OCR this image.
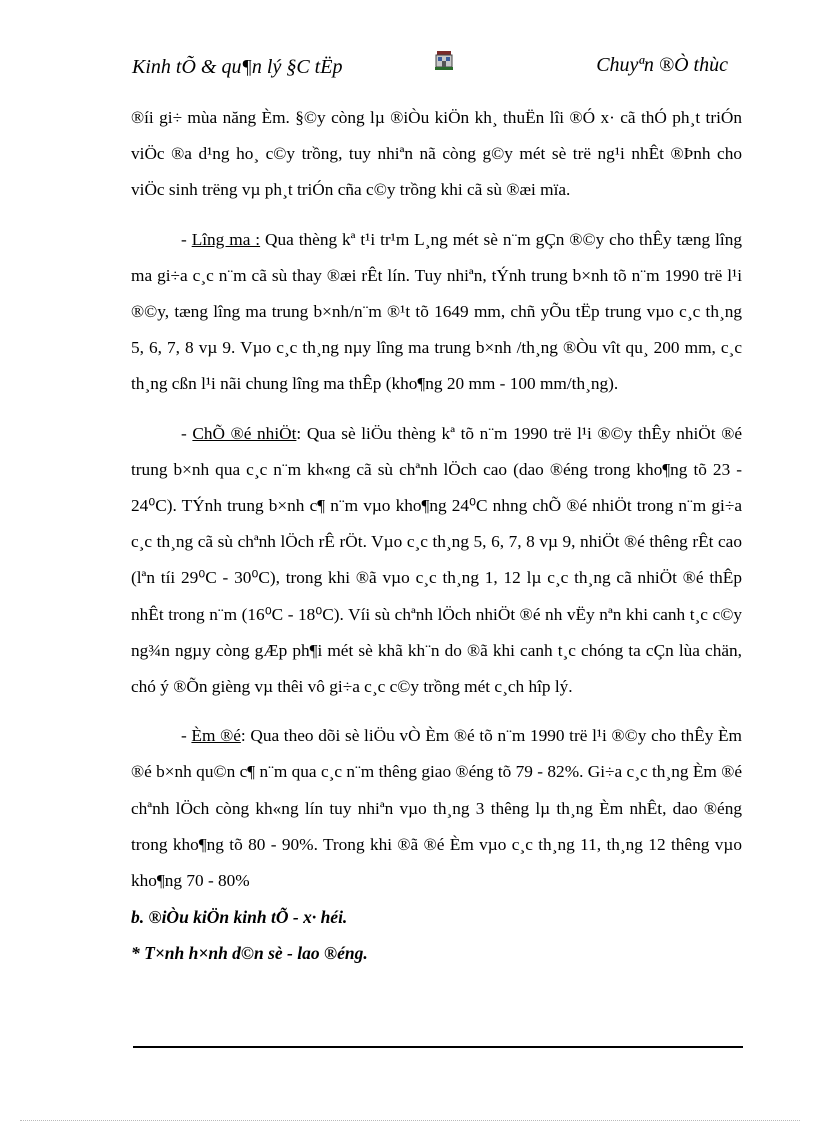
Kinh tÕ & qu¶n lý §C tËp	Chuyªn ®Ò thùc

®íi gi÷ mùa năng Èm. §©y còng lµ ®iÒu kiÖn kh¸ thuËn lîi ®Ó x· cã thÓ ph¸t triÓn viÖc ®a d¹ng ho¸ c©y trồng, tuy nhiªn nã còng g©y mét sè trë ng¹i nhÊt ®Þnh cho viÖc sinh trëng vµ ph¸t triÓn cña c©y trồng khi cã sù ®æi mïa.

- Lîng ma : Qua thèng kª t¹i tr¹m L¸ng mét sè n¨m gÇn ®©y cho thÊy tæng lîng ma gi÷a c¸c n¨m cã sù thay ®æi rÊt lín. Tuy nhiªn, tÝnh trung b×nh tõ n¨m 1990 trë l¹i ®©y, tæng lîng ma trung b×nh/n¨m ®¹t tõ 1649 mm, chñ yÕu tËp trung vµo c¸c th¸ng 5, 6, 7, 8 vµ 9. Vµo c¸c th¸ng nµy lîng ma trung b×nh /th¸ng ®Òu vît qu¸ 200 mm, c¸c th¸ng cßn l¹i nãi chung lîng ma thÊp (kho¶ng 20 mm - 100 mm/th¸ng).

- ChÕ ®é nhiÖt: Qua sè liÖu thèng kª tõ n¨m 1990 trë l¹i ®©y thÊy nhiÖt ®é trung b×nh qua c¸c n¨m kh«ng cã sù chªnh lÖch cao (dao ®éng trong kho¶ng tõ 23 - 24⁰C). TÝnh trung b×nh c¶ n¨m vµo kho¶ng 24⁰C nhng chÕ ®é nhiÖt trong n¨m gi÷a c¸c th¸ng cã sù chªnh lÖch rÊ rÖt. Vµo c¸c th¸ng 5, 6, 7, 8 vµ 9, nhiÖt ®é thêng rÊt cao (lªn tíi 29⁰C - 30⁰C), trong khi ®ã vµo c¸c th¸ng 1, 12 lµ c¸c th¸ng cã nhiÖt ®é thÊp nhÊt trong n¨m (16⁰C - 18⁰C). Víi sù chªnh lÖch nhiÖt ®é nh vËy nªn khi canh t¸c c©y ng¾n ngµy còng gÆp ph¶i mét sè khã kh¨n do ®ã khi canh t¸c chóng ta cÇn lùa chän, chó ý ®Õn gièng vµ thêi vô gi÷a c¸c c©y trồng mét c¸ch hîp lý.

- Èm ®é: Qua theo dõi sè liÖu vÒ Èm ®é tõ n¨m 1990 trë l¹i ®©y cho thÊy Èm ®é b×nh qu©n c¶ n¨m qua c¸c n¨m thêng giao ®éng tõ 79 - 82%. Gi÷a c¸c th¸ng Èm ®é chªnh lÖch còng kh«ng lín tuy nhiªn vµo th¸ng 3 thêng lµ th¸ng Èm nhÊt, dao ®éng trong kho¶ng tõ 80 - 90%. Trong khi ®ã ®é Èm vµo c¸c th¸ng 11, th¸ng 12 thêng vµo kho¶ng 70 - 80%

b. ®iÒu kiÖn kinh tÕ - x· héi.

* T×nh h×nh d©n sè - lao ®éng.
